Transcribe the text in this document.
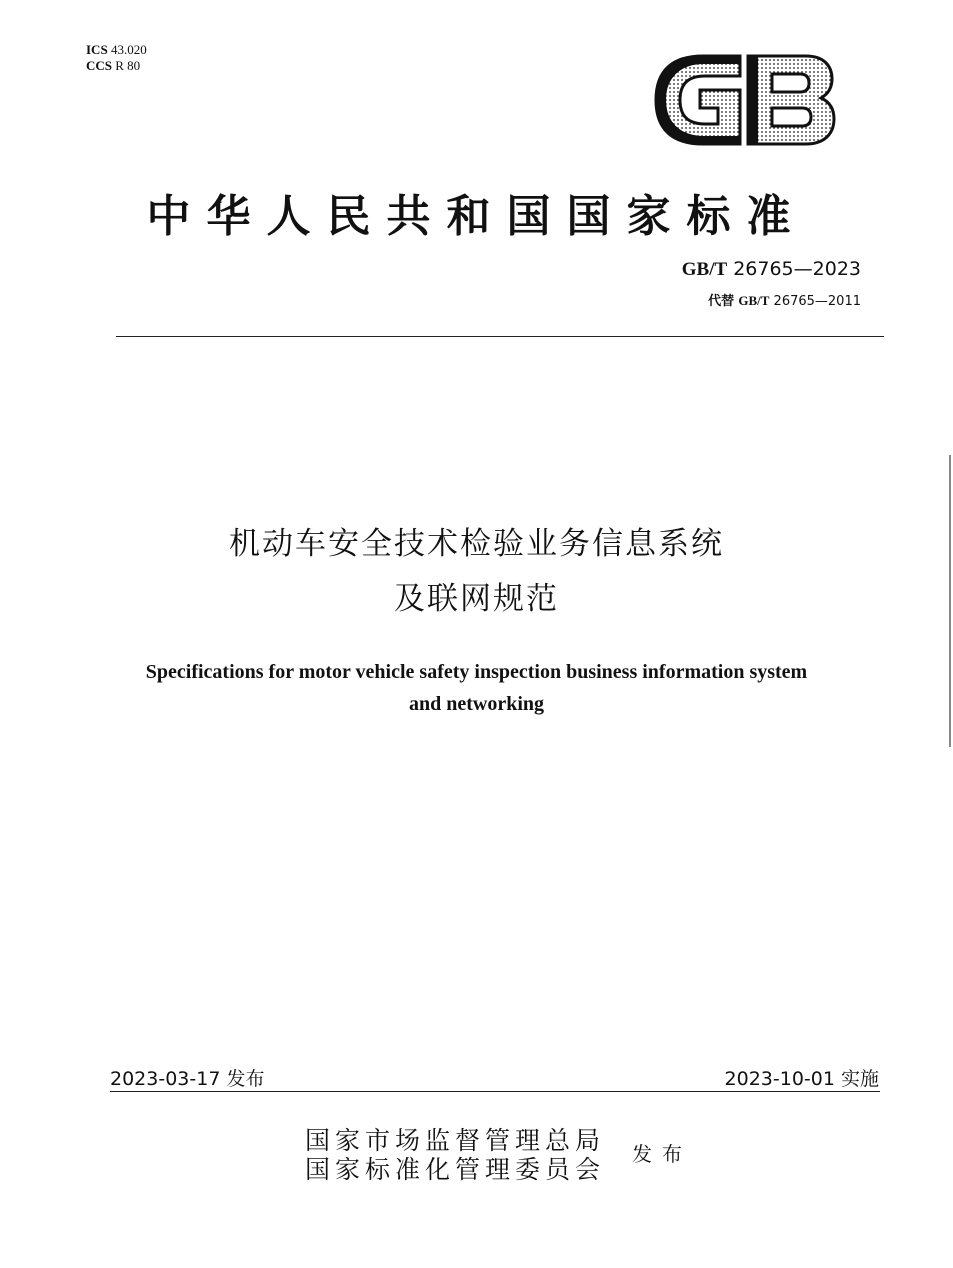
ICS 43.020
CCS R 80
中华人民共和国国家标准
GB/T 26765—2023
代替 GB/T 26765—2011
机动车安全技术检验业务信息系统
及联网规范
Specifications for motor vehicle safety inspection business information system
and networking
2023-03-17 发布	2023-10-01 实施
国家市场监督管理总局
国家标准化管理委员会
发布
